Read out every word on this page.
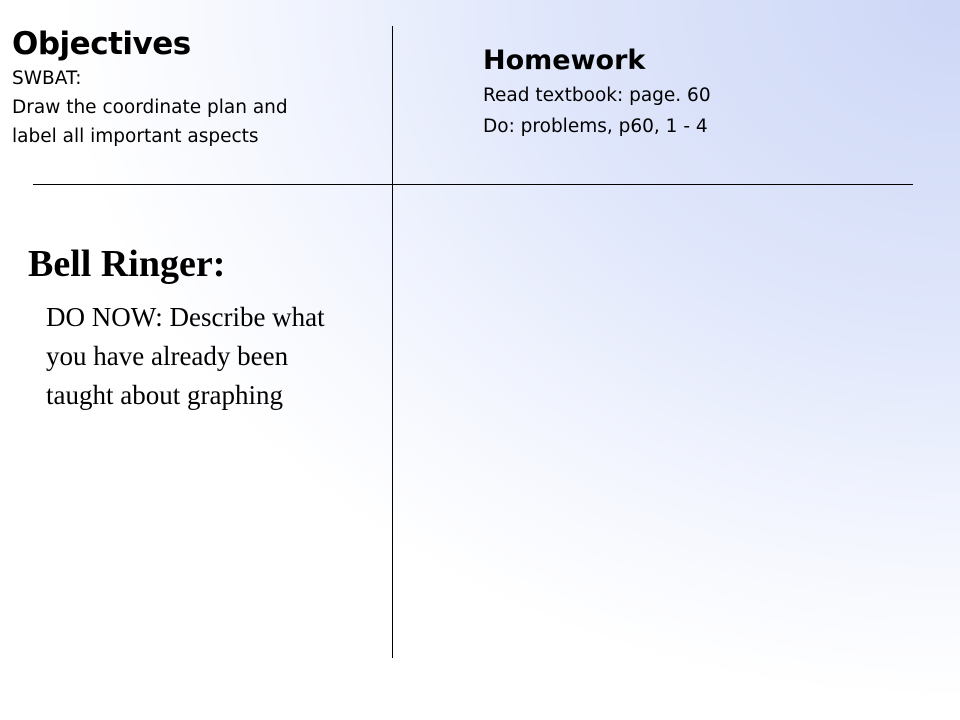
Objectives
SWBAT:
Draw the coordinate plan and
label all important aspects
Homework
Read textbook: page. 60
Do: problems, p60, 1 - 4
Bell Ringer:
DO NOW: Describe what you have already been taught about graphing
